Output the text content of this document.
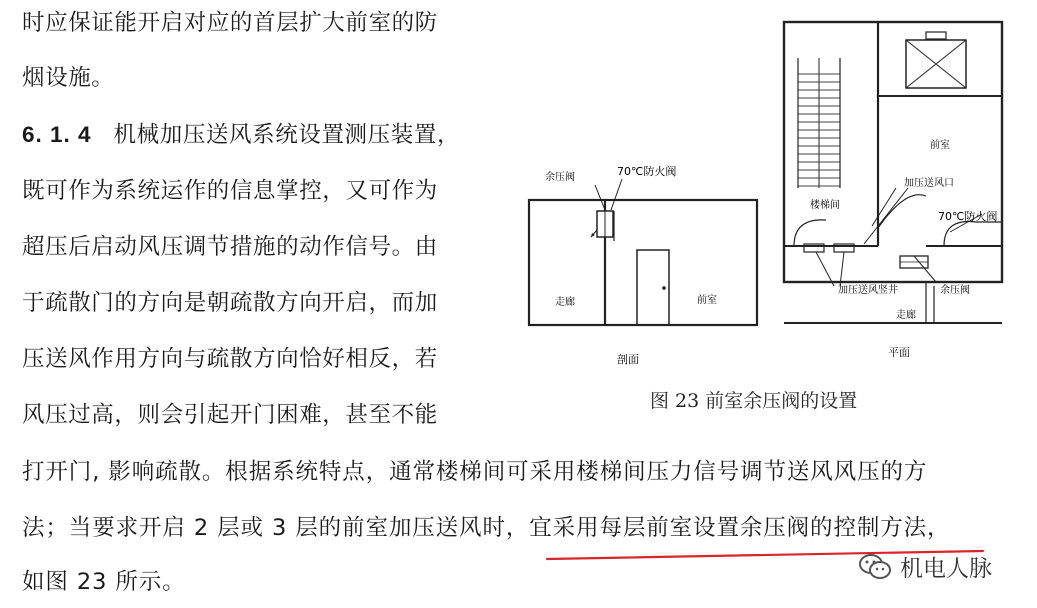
时应保证能开启对应的首层扩大前室的防
烟设施。
6. 1. 4 机械加压送风系统设置测压装置，
既可作为系统运作的信息掌控，又可作为
超压后启动风压调节措施的动作信号。由
于疏散门的方向是朝疏散方向开启，而加
压送风作用方向与疏散方向恰好相反，若
风压过高，则会引起开门困难，甚至不能
打开门, 影响疏散。根据系统特点，通常楼梯间可采用楼梯间压力信号调节送风风压的方
法；当要求开启 2 层或 3 层的前室加压送风时，宜采用每层前室设置余压阀的控制方法，
如图 23 所示。
余压阀	70℃防火阀
走廊	前室
剖面
前室
楼梯间
加压送风口
70℃防火阀
加压送风竖井	余压阀
走廊
平面
图 23 前室余压阀的设置
机电人脉
